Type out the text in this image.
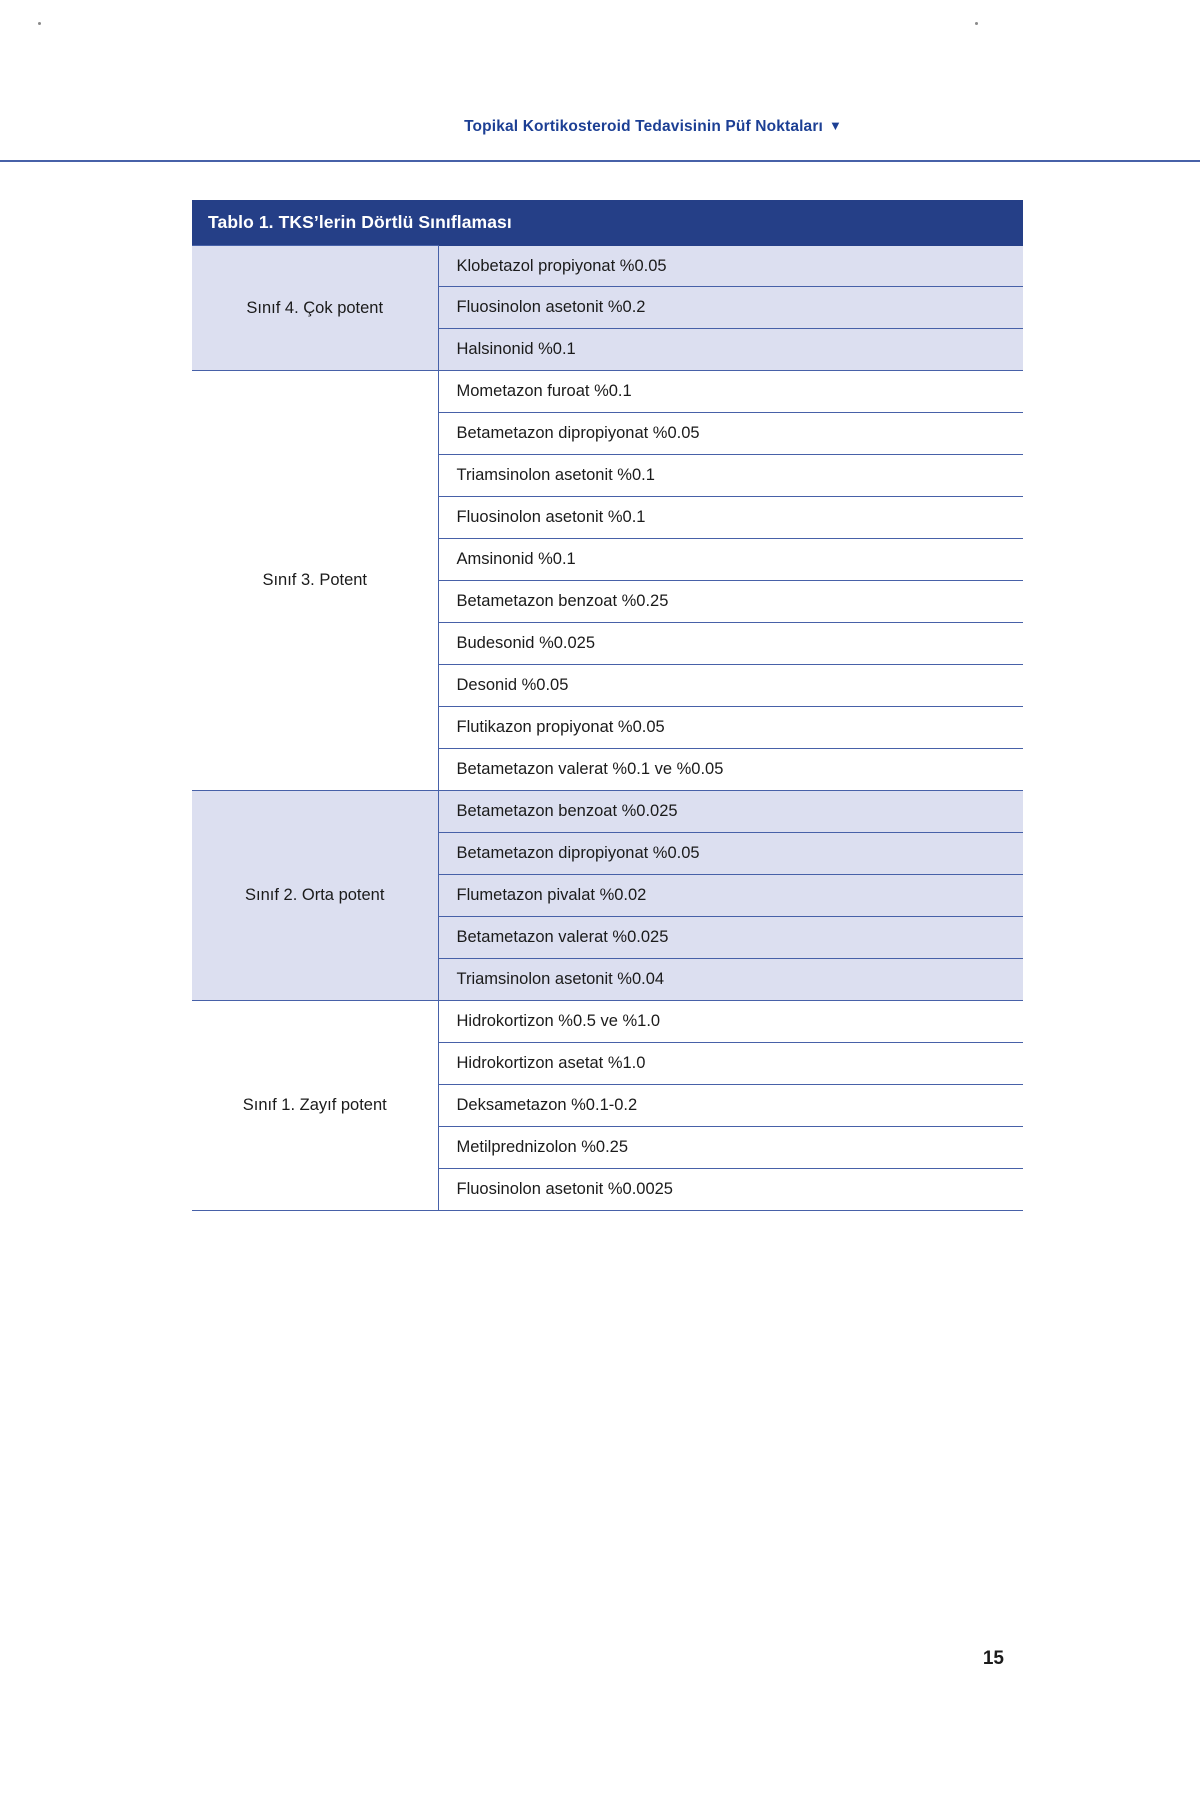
Topikal Kortikosteroid Tedavisinin Püf Noktaları ▼
Tablo 1. TKS’lerin Dörtlü Sınıflaması	
Sınıf 4. Çok potent	Klobetazol propiyonat %0.05
	Fluosinolon asetonit %0.2
	Halsinonid %0.1
Sınıf 3. Potent	Mometazon furoat %0.1
	Betametazon dipropiyonat %0.05
	Triamsinolon asetonit %0.1
	Fluosinolon asetonit %0.1
	Amsinonid %0.1
	Betametazon benzoat %0.25
	Budesonid %0.025
	Desonid %0.05
	Flutikazon propiyonat %0.05
	Betametazon valerat %0.1 ve %0.05
Sınıf 2. Orta potent	Betametazon benzoat %0.025
	Betametazon dipropiyonat %0.05
	Flumetazon pivalat %0.02
	Betametazon valerat %0.025
	Triamsinolon asetonit %0.04
Sınıf 1. Zayıf potent	Hidrokortizon %0.5 ve %1.0
	Hidrokortizon asetat %1.0
	Deksametazon %0.1-0.2
	Metilprednizolon %0.25
	Fluosinolon asetonit %0.0025
15
